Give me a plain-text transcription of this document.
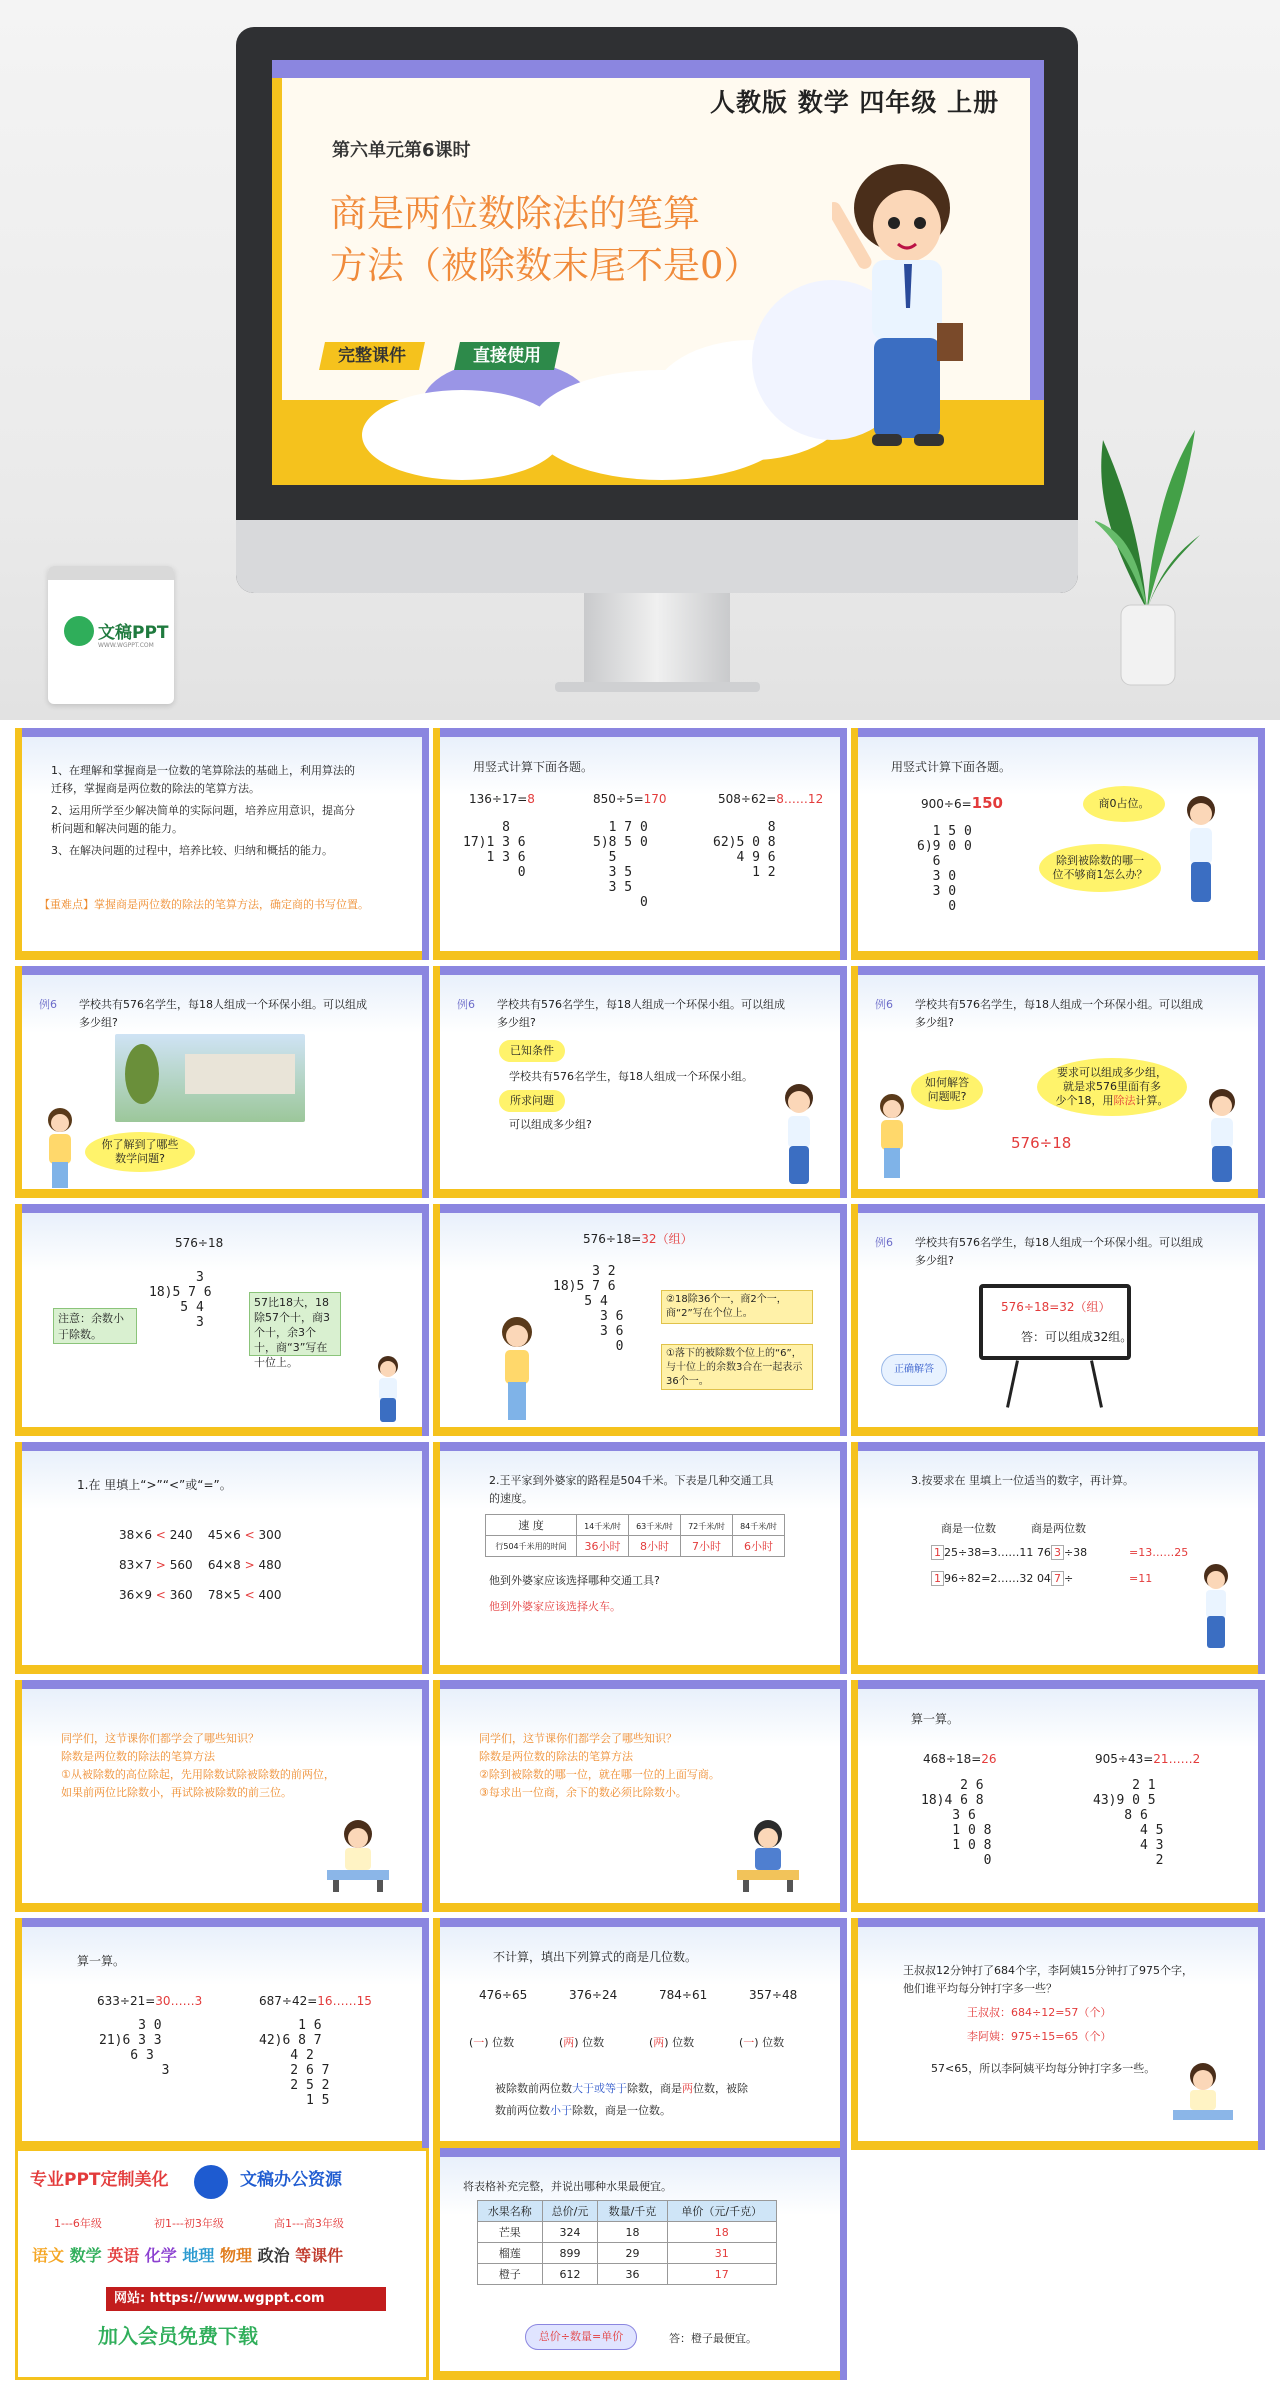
人教版 数学 四年级 上册
第六单元第6课时
商是两位数除法的笔算
方法（被除数末尾不是0）
完整课件	直接使用
文稿PPT
WWW.WGPPT.COM
1、在理解和掌握商是一位数的笔算除法的基础上，利用算法的
迁移，掌握商是两位数的除法的笔算方法。
2、运用所学至少解决简单的实际问题，培养应用意识，提高分
析问题和解决问题的能力。
3、在解决问题的过程中，培养比较、归纳和概括的能力。
【重难点】掌握商是两位数的除法的笔算方法，确定商的书写位置。
用竖式计算下面各题。
136÷17=8	850÷5=170	508÷62=8……12
8
17)1 3 6
1 3 6
0
1 7 0
5)8 5 0
5
3 5
3 5
0
8
62)5 0 8
4 9 6
1 2
用竖式计算下面各题。
900÷6=150
1 5 0
6)9 0 0
6
3 0
3 0
0
商0占位。
除到被除数的哪一位不够商1怎么办？
例6 学校共有576名学生，每18人组成一个环保小组。可以组成
多少组?
你了解到了哪些数学问题?
例6 学校共有576名学生，每18人组成一个环保小组。可以组成
多少组?
已知条件
学校共有576名学生，每18人组成一个环保小组。
所求问题
可以组成多少组?
例6 学校共有576名学生，每18人组成一个环保小组。可以组成
多少组?
如何解答问题呢?
要求可以组成多少组，
就是求576里面有多
少个18，用除法计算。
576÷18
576÷18
3
18)5 7 6
5 4
3
注意：余数小于除数。
57比18大，18除57个十，商3个十，余3个十，商“3”写在十位上。
576÷18=32（组）
3 2
18)5 7 6
5 4
3 6
3 6
0
②18除36个一，商2个一，商“2”写在个位上。
①落下的被除数个位上的“6”，与十位上的余数3合在一起表示36个一。
例6 学校共有576名学生，每18人组成一个环保小组。可以组成
多少组?
576÷18=32（组）
答：可以组成32组。
正确解答
1.在 里填上“>”“<”或“=”。
38×6 < 240 45×6 < 300
83×7 > 560 64×8 > 480
36×9 < 360 78×5 < 400
2.王平家到外婆家的路程是504千米。下表是几种交通工具
的速度。
速 度	14千米/时	63千米/时	72千米/时	84千米/时
行504千米用的时间	36小时	8小时	7小时	6小时
他到外婆家应该选择哪种交通工具?
他到外婆家应该选择火车。
3.按要求在 里填上一位适当的数字，再计算。
商是一位数	商是两位数
1 25÷38=3……11 76 3 ÷38	=13……25
1 96÷82=2……32 04 7 ÷	=11
同学们，这节课你们都学会了哪些知识？
除数是两位数的除法的笔算方法
①从被除数的高位除起，先用除数试除被除数的前两位，
如果前两位比除数小，再试除被除数的前三位。
同学们，这节课你们都学会了哪些知识？
除数是两位数的除法的笔算方法
②除到被除数的哪一位，就在哪一位的上面写商。
③每求出一位商，余下的数必须比除数小。
算一算。
468÷18=26	905÷43=21……2
2 6
18)4 6 8
3 6
1 0 8
1 0 8
0
2 1
43)9 0 5
8 6
4 5
4 3
2
算一算。
633÷21=30……3	687÷42=16……15
3 0
21)6 3 3
6 3
3
1 6
42)6 8 7
4 2
2 6 7
2 5 2
1 5
不计算，填出下列算式的商是几位数。
476÷65
(一) 位数
376÷24
(两) 位数
784÷61
(两) 位数
357÷48
(一) 位数
被除数前两位数大于或等于除数，商是两位数，被除
数前两位数小于除数，商是一位数。
王叔叔12分钟打了684个字，李阿姨15分钟打了975个字，
他们谁平均每分钟打字多一些？
王叔叔：684÷12=57（个）
李阿姨：975÷15=65（个）
57<65，所以李阿姨平均每分钟打字多一些。
专业PPT定制美化	文稿办公资源
1---6年级	初1---初3年级	高1---高3年级
语文 数学 英语 化学 地理 物理 政治 等课件
网站: https://www.wgppt.com
加入会员免费下载
将表格补充完整，并说出哪种水果最便宜。
水果名称	总价/元	数量/千克	单价（元/千克）
芒果	324	18	18
榴莲	899	29	31
橙子	612	36	17
总价÷数量=单价	答：橙子最便宜。
